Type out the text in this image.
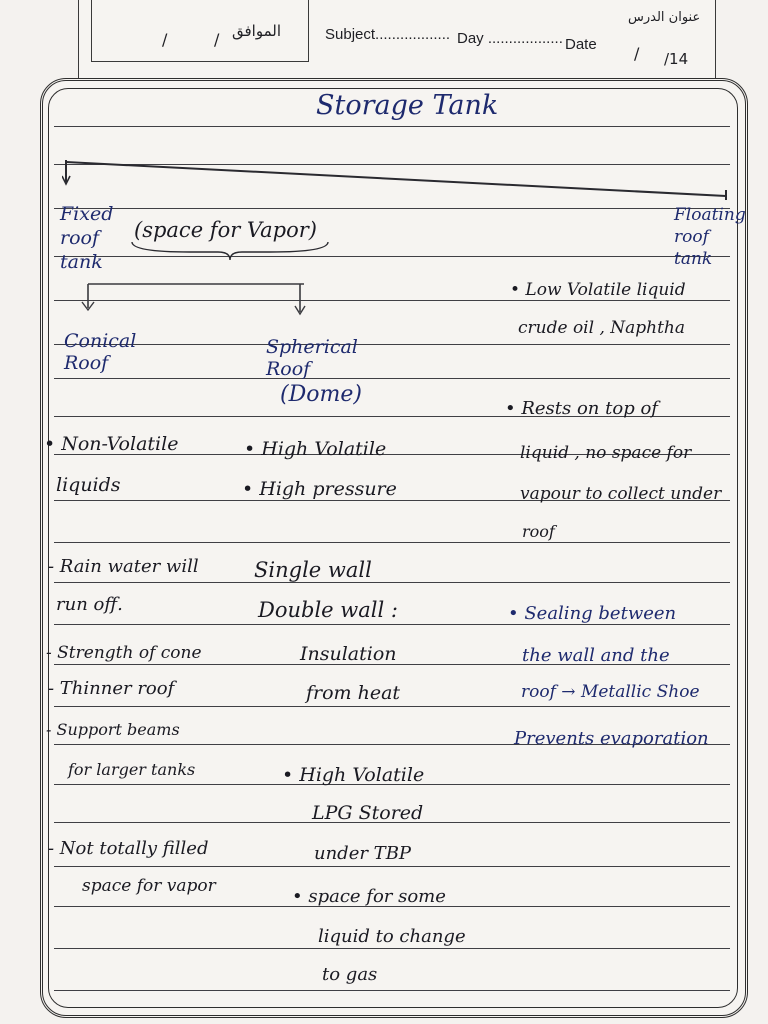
/	/ الموافق	Subject.................. Day .................. Date / /14
عنوان الدرس
Storage Tank
Fixed
roof
tank
(space for Vapor)
Floating
roof
tank
• Low Volatile liquid
crude oil , Naphtha
Conical
Roof
Spherical
Roof
(Dome)
• Rests on top of
• Non-Volatile	• High Volatile	liquid , no space for
liquids	• High pressure	vapour to collect under
roof
- Rain water will	Single wall
run off.	Double wall :	• Sealing between
- Strength of cone	Insulation	the wall and the
- Thinner roof	from heat	roof → Metallic Shoe
- Support beams	Prevents evaporation
for larger tanks	• High Volatile
LPG Stored
- Not totally filled	under TBP
space for vapor	• space for some
liquid to change
to gas
